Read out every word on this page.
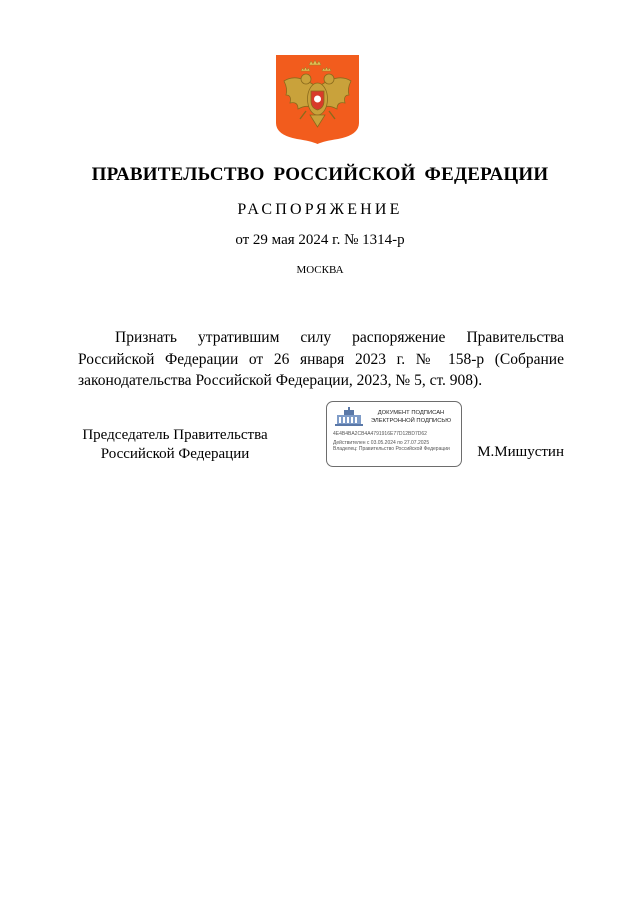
ПРАВИТЕЛЬСТВО РОССИЙСКОЙ ФЕДЕРАЦИИ
РАСПОРЯЖЕНИЕ
от 29 мая 2024 г. № 1314-р
МОСКВА

Признать утратившим силу распоряжение Правительства Российской Федерации от 26 января 2023 г. № 158-р (Собрание законодательства Российской Федерации, 2023, № 5, ст. 908).

Председатель Правительства Российской Федерации
ДОКУМЕНТ ПОДПИСАН ЭЛЕКТРОННОЙ ПОДПИСЬЮ
4E4B4BA2CB4A4791916E77D12BD7D62
Действителен с 03.05.2024 по 27.07.2025
Владелец: Правительство Российской Федерации	М.Мишустин
